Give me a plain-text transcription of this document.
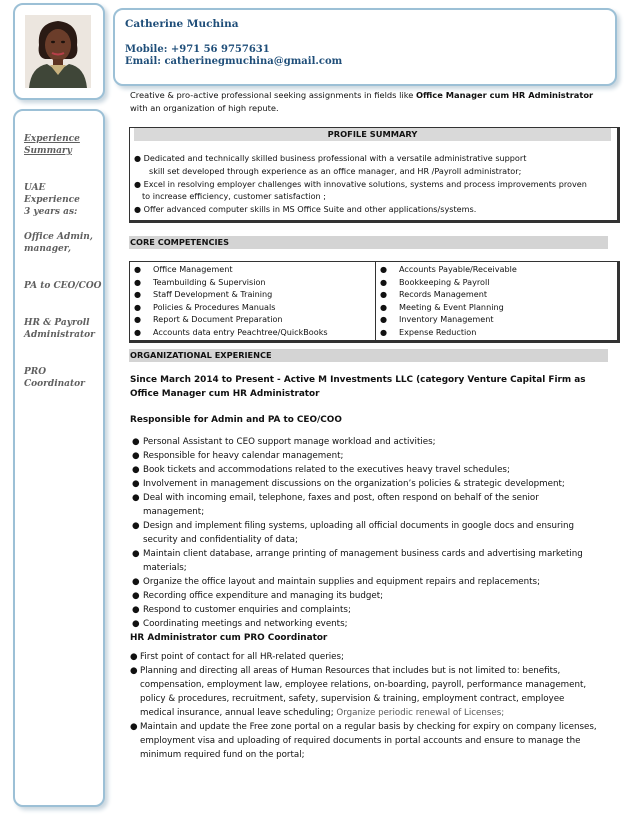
Catherine Muchina
Mobile: +971 56 9757631
Email: catherinegmuchina@gmail.com
Experience
Summary
UAE Experience
3 years as:
Office Admin,
manager,
PA to CEO/COO
HR & Payroll
Administrator
PRO Coordinator
Creative & pro-active professional seeking assignments in fields like Office Manager cum HR Administrator
with an organization of high repute.
PROFILE SUMMARY
● Dedicated and technically skilled business professional with a versatile administrative support
skill set developed through experience as an office manager, and HR /Payroll administrator;
● Excel in resolving employer challenges with innovative solutions, systems and process improvements proven
to increase efficiency, customer satisfaction ;
● Offer advanced computer skills in MS Office Suite and other applications/systems.
CORE COMPETENCIES
● Office Management
● Teambuilding & Supervision
● Staff Development & Training
● Policies & Procedures Manuals
● Report & Document Preparation
● Accounts data entry Peachtree/QuickBooks
● Accounts Payable/Receivable
● Bookkeeping & Payroll
● Records Management
● Meeting & Event Planning
● Inventory Management
● Expense Reduction
ORGANIZATIONAL EXPERIENCE
Since March 2014 to Present - Active M Investments LLC (category Venture Capital Firm as
Office Manager cum HR Administrator
Responsible for Admin and PA to CEO/COO
● Personal Assistant to CEO support manage workload and activities;
● Responsible for heavy calendar management;
● Book tickets and accommodations related to the executives heavy travel schedules;
● Involvement in management discussions on the organization’s policies & strategic development;
● Deal with incoming email, telephone, faxes and post, often respond on behalf of the senior management;
● Design and implement filing systems, uploading all official documents in google docs and ensuring security and confidentiality of data;
● Maintain client database, arrange printing of management business cards and advertising marketing materials;
● Organize the office layout and maintain supplies and equipment repairs and replacements;
● Recording office expenditure and managing its budget;
● Respond to customer enquiries and complaints;
● Coordinating meetings and networking events;
HR Administrator cum PRO Coordinator
● First point of contact for all HR-related queries;
● Planning and directing all areas of Human Resources that includes but is not limited to: benefits, compensation, employment law, employee relations, on-boarding, payroll, performance management, policy & procedures, recruitment, safety, supervision & training, employment contract, employee medical insurance, annual leave scheduling; Organize periodic renewal of Licenses;
● Maintain and update the Free zone portal on a regular basis by checking for expiry on company licenses, employment visa and uploading of required documents in portal accounts and ensure to manage the minimum required fund on the portal;
